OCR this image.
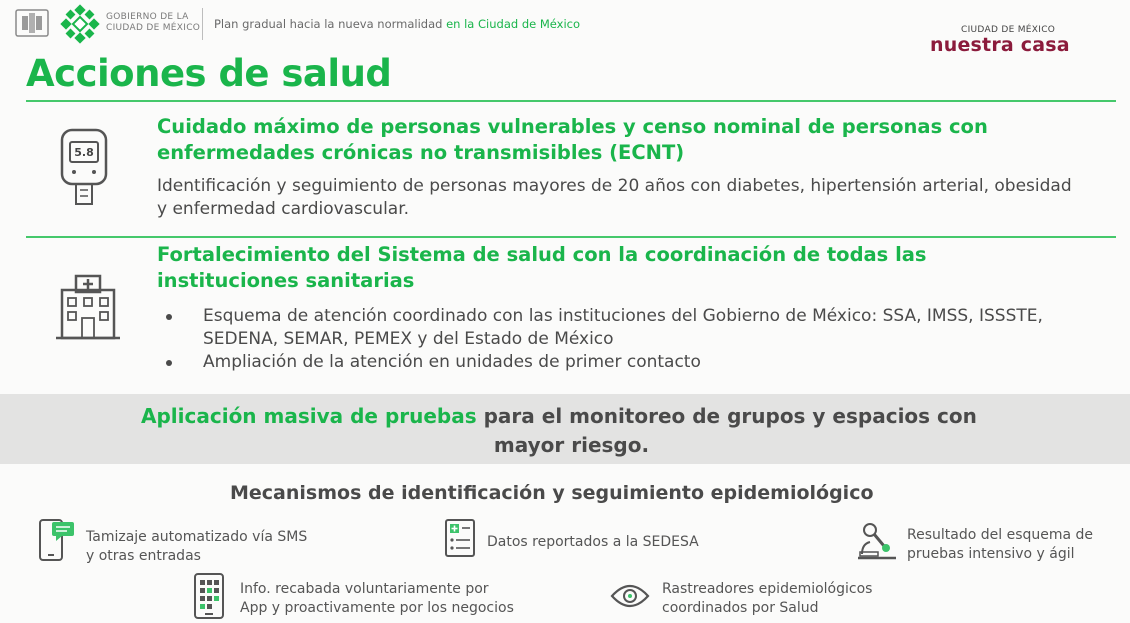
GOBIERNO DE LA
CIUDAD DE MÉXICO Plan gradual hacia la nueva normalidad en la Ciudad de México	CIUDAD DE MÉXICO
nuestra casa
Acciones de salud
5.8
Cuidado máximo de personas vulnerables y censo nominal de personas con
enfermedades crónicas no transmisibles (ECNT)
Identificación y seguimiento de personas mayores de 20 años con diabetes, hipertensión arterial, obesidad
y enfermedad cardiovascular.
Fortalecimiento del Sistema de salud con la coordinación de todas las
instituciones sanitarias
Esquema de atención coordinado con las instituciones del Gobierno de México: SSA, IMSS, ISSSTE,
SEDENA, SEMAR, PEMEX y del Estado de México
Ampliación de la atención en unidades de primer contacto
Aplicación masiva de pruebas para el monitoreo de grupos y espacios con
mayor riesgo.
Mecanismos de identificación y seguimiento epidemiológico
Tamizaje automatizado vía SMS
y otras entradas
Datos reportados a la SEDESA	Resultado del esquema de
pruebas intensivo y ágil
Info. recabada voluntariamente por
App y proactivamente por los negocios
Rastreadores epidemiológicos
coordinados por Salud
